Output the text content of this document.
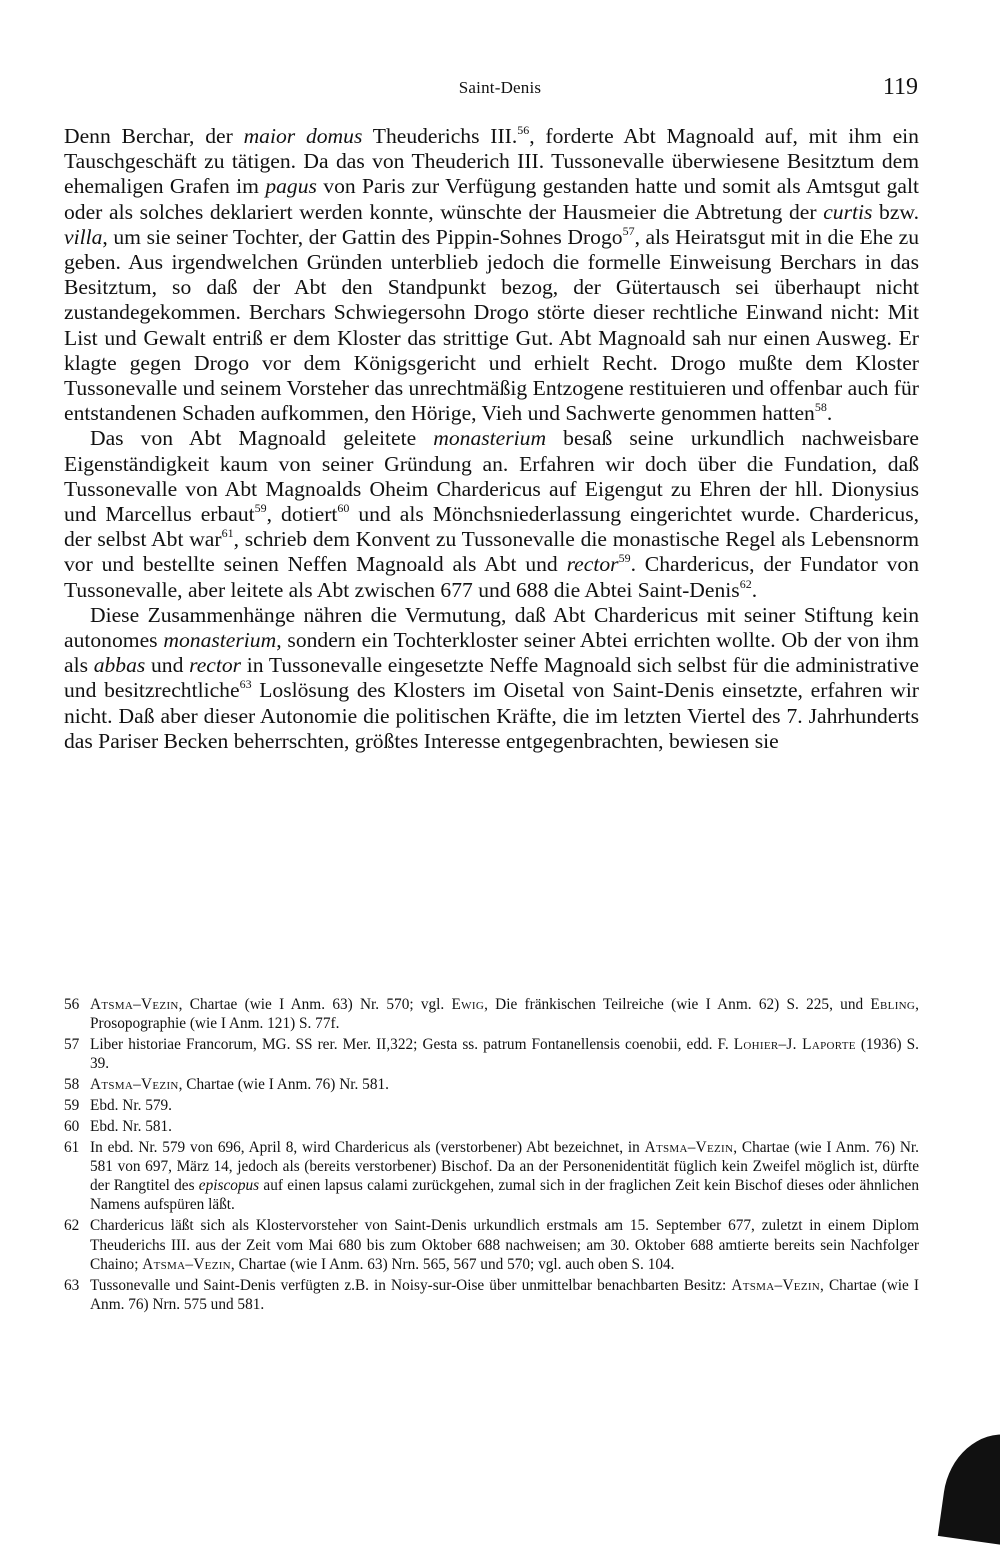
Saint-Denis	119

Denn Berchar, der maior domus Theuderichs III.$^{56}$, forderte Abt Magnoald auf, mit ihm ein Tauschgeschäft zu tätigen. Da das von Theuderich III. Tussonevalle überwiesene Besitztum dem ehemaligen Grafen im pagus von Paris zur Verfügung gestanden hatte und somit als Amtsgut galt oder als solches deklariert werden konnte, wünschte der Hausmeier die Abtretung der curtis bzw. villa, um sie seiner Tochter, der Gattin des Pippin-Sohnes Drogo$^{57}$, als Heiratsgut mit in die Ehe zu geben. Aus irgendwelchen Gründen unterblieb jedoch die formelle Einweisung Berchars in das Besitztum, so daß der Abt den Standpunkt bezog, der Gütertausch sei überhaupt nicht zustandegekommen. Berchars Schwiegersohn Drogo störte dieser rechtliche Einwand nicht: Mit List und Gewalt entriß er dem Kloster das strittige Gut. Abt Magnoald sah nur einen Ausweg. Er klagte gegen Drogo vor dem Königsgericht und erhielt Recht. Drogo mußte dem Kloster Tussonevalle und seinem Vorsteher das unrechtmäßig Entzogene restituieren und offenbar auch für entstandenen Schaden aufkommen, den Hörige, Vieh und Sachwerte genommen hatten$^{58}$.

Das von Abt Magnoald geleitete monasterium besaß seine urkundlich nachweisbare Eigenständigkeit kaum von seiner Gründung an. Erfahren wir doch über die Fundation, daß Tussonevalle von Abt Magnoalds Oheim Chardericus auf Eigengut zu Ehren der hll. Dionysius und Marcellus erbaut$^{59}$, dotiert$^{60}$ und als Mönchsniederlassung eingerichtet wurde. Chardericus, der selbst Abt war$^{61}$, schrieb dem Konvent zu Tussonevalle die monastische Regel als Lebensnorm vor und bestellte seinen Neffen Magnoald als Abt und rector$^{59}$. Chardericus, der Fundator von Tussonevalle, aber leitete als Abt zwischen 677 und 688 die Abtei Saint-Denis$^{62}$.

Diese Zusammenhänge nähren die Vermutung, daß Abt Chardericus mit seiner Stiftung kein autonomes monasterium, sondern ein Tochterkloster seiner Abtei errichten wollte. Ob der von ihm als abbas und rector in Tussonevalle eingesetzte Neffe Magnoald sich selbst für die administrative und besitzrechtliche$^{63}$ Loslösung des Klosters im Oisetal von Saint-Denis einsetzte, erfahren wir nicht. Daß aber dieser Autonomie die politischen Kräfte, die im letzten Viertel des 7. Jahrhunderts das Pariser Becken beherrschten, größtes Interesse entgegenbrachten, bewiesen sie

56 Atsma–Vezin, Chartae (wie I Anm. 63) Nr. 570; vgl. Ewig, Die fränkischen Teilreiche (wie I Anm. 62) S. 225, und Ebling, Prosopographie (wie I Anm. 121) S. 77f.
57 Liber historiae Francorum, MG. SS rer. Mer. II,322; Gesta ss. patrum Fontanellensis coenobii, edd. F. Lohier–J. Laporte (1936) S. 39.
58 Atsma–Vezin, Chartae (wie I Anm. 76) Nr. 581.
59 Ebd. Nr. 579.
60 Ebd. Nr. 581.
61 In ebd. Nr. 579 von 696, April 8, wird Chardericus als (verstorbener) Abt bezeichnet, in Atsma–Vezin, Chartae (wie I Anm. 76) Nr. 581 von 697, März 14, jedoch als (bereits verstorbener) Bischof. Da an der Personenidentität füglich kein Zweifel möglich ist, dürfte der Rangtitel des episcopus auf einen lapsus calami zurückgehen, zumal sich in der fraglichen Zeit kein Bischof dieses oder ähnlichen Namens aufspüren läßt.
62 Chardericus läßt sich als Klostervorsteher von Saint-Denis urkundlich erstmals am 15. September 677, zuletzt in einem Diplom Theuderichs III. aus der Zeit vom Mai 680 bis zum Oktober 688 nachweisen; am 30. Oktober 688 amtierte bereits sein Nachfolger Chaino; Atsma–Vezin, Chartae (wie I Anm. 63) Nrn. 565, 567 und 570; vgl. auch oben S. 104.
63 Tussonevalle und Saint-Denis verfügten z.B. in Noisy-sur-Oise über unmittelbar benachbarten Besitz: Atsma–Vezin, Chartae (wie I Anm. 76) Nrn. 575 und 581.
